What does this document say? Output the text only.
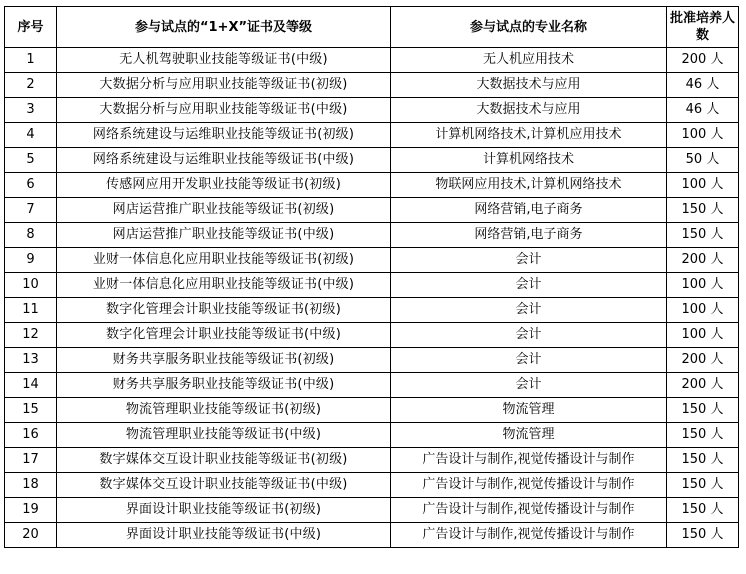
序号	参与试点的“1+X”证书及等级	参与试点的专业名称	批准培养人数
1	无人机驾驶职业技能等级证书(中级)	无人机应用技术	200 人
2	大数据分析与应用职业技能等级证书(初级)	大数据技术与应用	46 人
3	大数据分析与应用职业技能等级证书(中级)	大数据技术与应用	46 人
4	网络系统建设与运维职业技能等级证书(初级)	计算机网络技术,计算机应用技术	100 人
5	网络系统建设与运维职业技能等级证书(中级)	计算机网络技术	50 人
6	传感网应用开发职业技能等级证书(初级)	物联网应用技术,计算机网络技术	100 人
7	网店运营推广职业技能等级证书(初级)	网络营销,电子商务	150 人
8	网店运营推广职业技能等级证书(中级)	网络营销,电子商务	150 人
9	业财一体信息化应用职业技能等级证书(初级)	会计	200 人
10	业财一体信息化应用职业技能等级证书(中级)	会计	100 人
11	数字化管理会计职业技能等级证书(初级)	会计	100 人
12	数字化管理会计职业技能等级证书(中级)	会计	100 人
13	财务共享服务职业技能等级证书(初级)	会计	200 人
14	财务共享服务职业技能等级证书(中级)	会计	200 人
15	物流管理职业技能等级证书(初级)	物流管理	150 人
16	物流管理职业技能等级证书(中级)	物流管理	150 人
17	数字媒体交互设计职业技能等级证书(初级)	广告设计与制作,视觉传播设计与制作	150 人
18	数字媒体交互设计职业技能等级证书(中级)	广告设计与制作,视觉传播设计与制作	150 人
19	界面设计职业技能等级证书(初级)	广告设计与制作,视觉传播设计与制作	150 人
20	界面设计职业技能等级证书(中级)	广告设计与制作,视觉传播设计与制作	150 人
